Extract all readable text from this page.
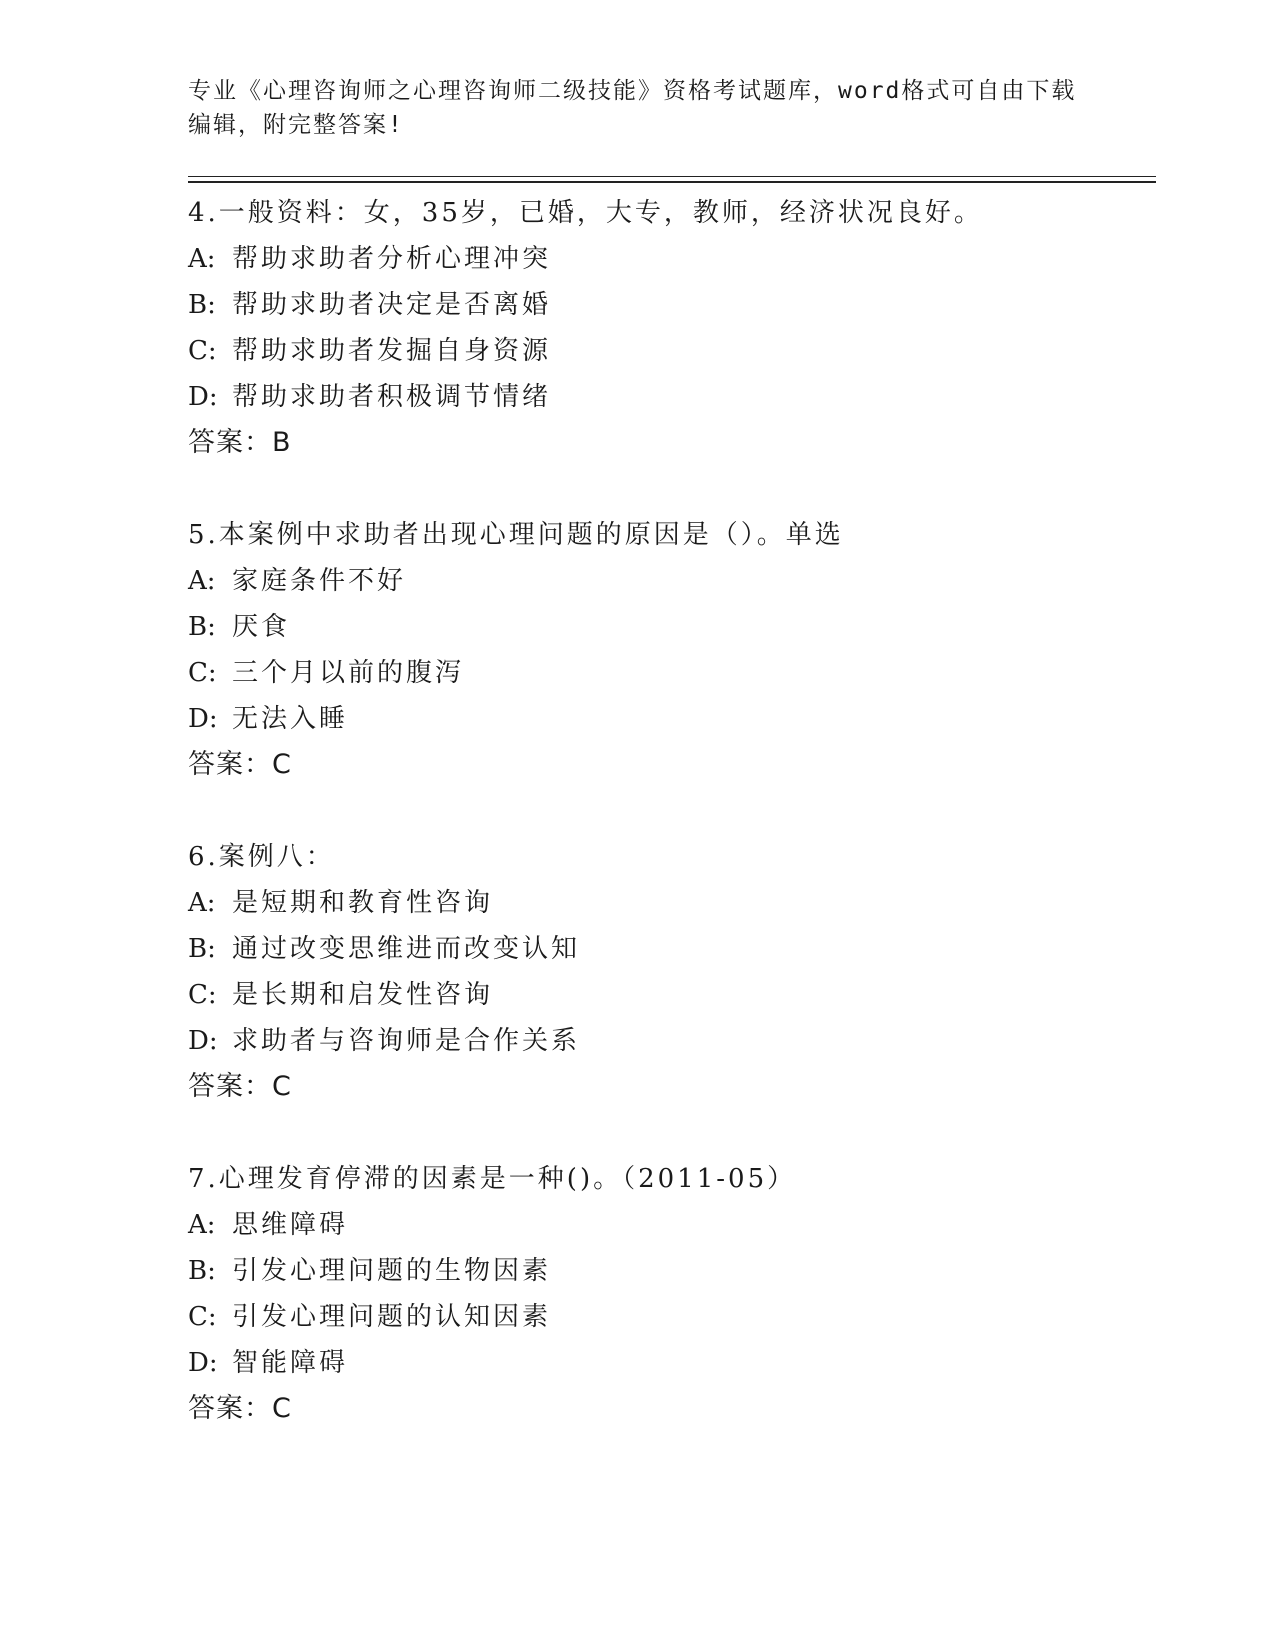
专业《心理咨询师之心理咨询师二级技能》资格考试题库，word格式可自由下载
编辑，附完整答案!
4.一般资料：女，35岁，已婚，大专，教师，经济状况良好。
A: 帮助求助者分析心理冲突
B: 帮助求助者决定是否离婚
C: 帮助求助者发掘自身资源
D: 帮助求助者积极调节情绪
答案：B
5.本案例中求助者出现心理问题的原因是（）。单选
A: 家庭条件不好
B: 厌食
C: 三个月以前的腹泻
D: 无法入睡
答案：C
6.案例八：
A: 是短期和教育性咨询
B: 通过改变思维进而改变认知
C: 是长期和启发性咨询
D: 求助者与咨询师是合作关系
答案：C
7.心理发育停滞的因素是一种()。（2011-05）
A: 思维障碍
B: 引发心理问题的生物因素
C: 引发心理问题的认知因素
D: 智能障碍
答案：C
